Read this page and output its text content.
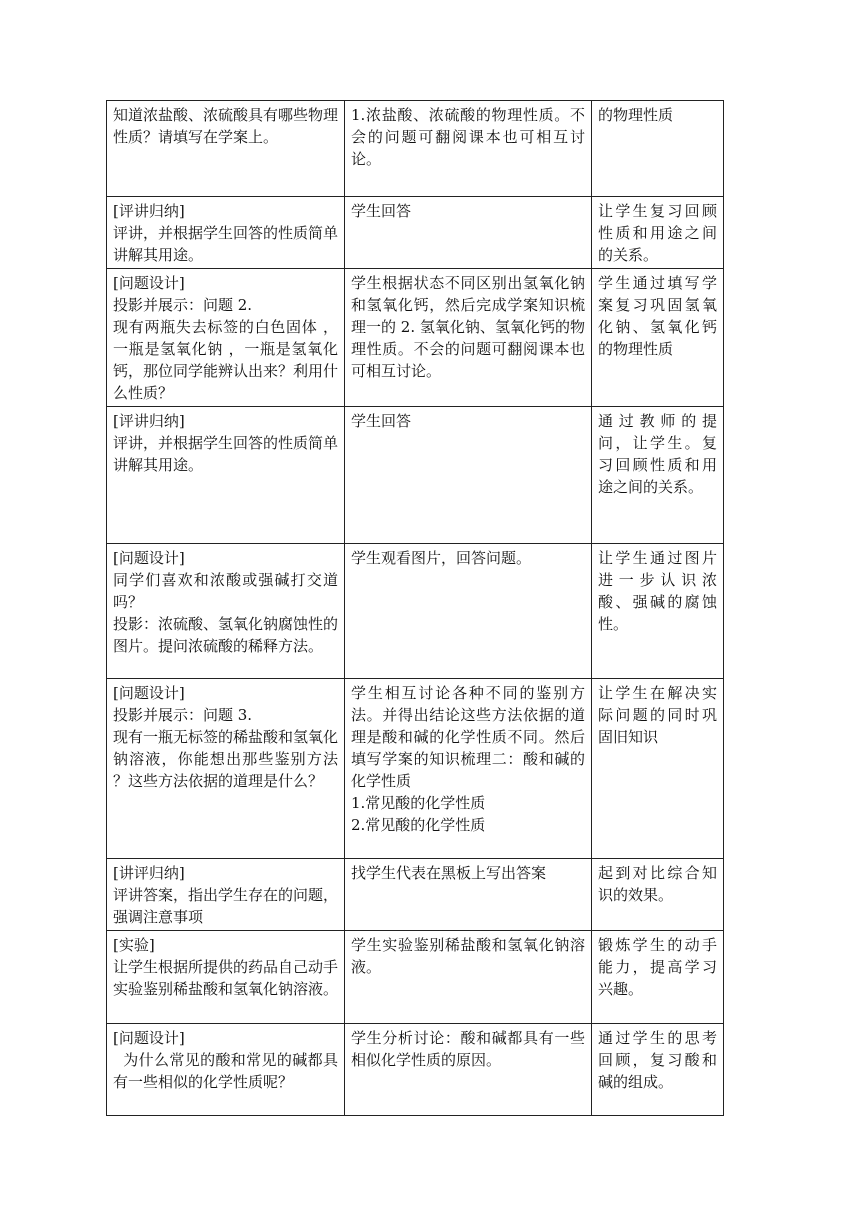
知道浓盐酸、浓硫酸具有哪些物理性质？请填写在学案上。	1.浓盐酸、浓硫酸的物理性质。不会的问题可翻阅课本也可相互讨论。	的物理性质

[评讲归纳]
评讲，并根据学生回答的性质简单讲解其用途。	学生回答	让学生复习回顾性质和用途之间的关系。

[问题设计]
投影并展示：问题 2.
现有两瓶失去标签的白色固体 ，一瓶是氢氧化钠 ，一瓶是氢氧化钙，那位同学能辨认出来？利用什么性质？	学生根据状态不同区别出氢氧化钠 和氢氧化钙，然后完成学案知识梳理一的 2. 氢氧化钠、氢氧化钙的物理性质。不会的问题可翻阅课本也可相互讨论。	学生通过填写学案复习巩固氢氧化钠、氢氧化钙的物理性质

[评讲归纳]
评讲，并根据学生回答的性质简单讲解其用途。	学生回答	通过教师的提问，让学生。复习回顾性质和用途之间的关系。

[问题设计]
同学们喜欢和浓酸或强碱打交道吗？
投影：浓硫酸、氢氧化钠腐蚀性的图片。提问浓硫酸的稀释方法。	学生观看图片，回答问题。	让学生通过图片进一步认识浓酸、强碱的腐蚀性。

[问题设计]
投影并展示：问题 3.
现有一瓶无标签的稀盐酸和氢氧化钠溶液，你能想出那些鉴别方法 ？这些方法依据的道理是什么？	学生相互讨论各种不同的鉴别方法。并得出结论这些方法依据的道理是酸和碱的化学性质不同。然后填写学案的知识梳理二：酸和碱的化学性质
1.常见酸的化学性质
2.常见酸的化学性质	让学生在解决实际问题的同时巩固旧知识

[讲评归纳]
评讲答案，指出学生存在的问题，强调注意事项	找学生代表在黑板上写出答案	起到对比综合知识的效果。

[实验]
让学生根据所提供的药品自己动手实验鉴别稀盐酸和氢氧化钠溶液。	学生实验鉴别稀盐酸和氢氧化钠溶液。	锻炼学生的动手能力，提高学习兴趣。

[问题设计]
为什么常见的酸和常见的碱都具有一些相似的化学性质呢？	学生分析讨论：酸和碱都具有一些相似化学性质的原因。	通过学生的思考回顾，复习酸和碱的组成。
